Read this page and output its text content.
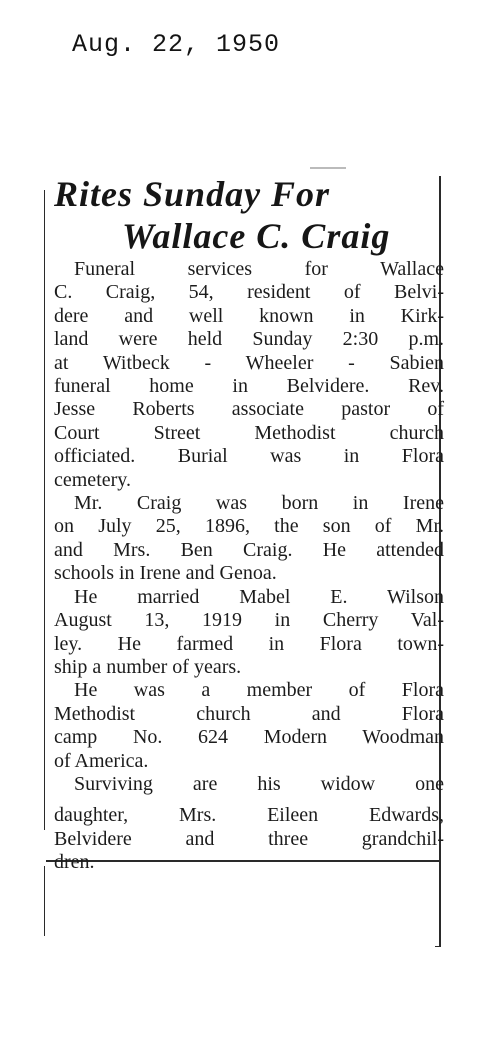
Aug. 22, 1950
Rites Sunday For
Wallace C. Craig
Funeral services for Wallace
C. Craig, 54, resident of Belvi-
dere and well known in Kirk-
land were held Sunday 2:30 p.m.
at Witbeck - Wheeler - Sabien
funeral home in Belvidere. Rev.
Jesse Roberts associate pastor of
Court Street Methodist church
officiated. Burial was in Flora
cemetery.
Mr. Craig was born in Irene
on July 25, 1896, the son of Mr.
and Mrs. Ben Craig. He attended
schools in Irene and Genoa.
He married Mabel E. Wilson
August 13, 1919 in Cherry Val-
ley. He farmed in Flora town-
ship a number of years.
He was a member of Flora
Methodist church and Flora
camp No. 624 Modern Woodman
of America.
Surviving are his widow one
daughter, Mrs. Eileen Edwards,
Belvidere and three grandchil-
dren.
